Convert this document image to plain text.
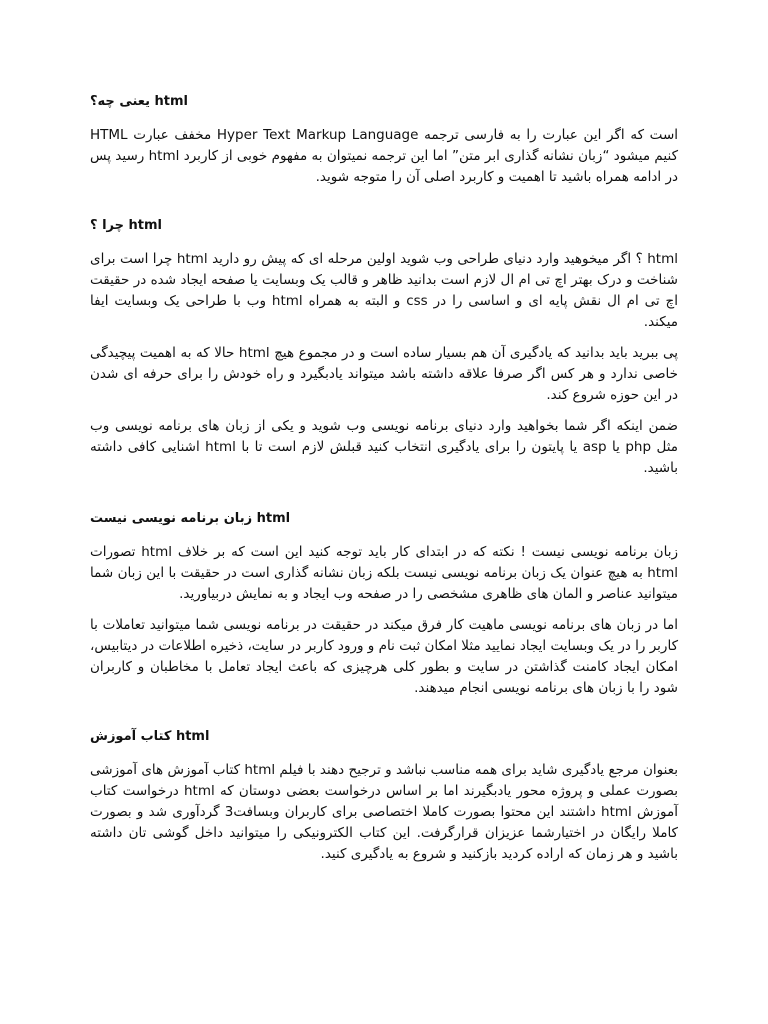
html یعنی چه؟

است که اگر این عبارت را به فارسی ترجمه Hyper Text Markup Language مخفف عبارت HTML کنیم میشود “زبان نشانه گذاری ابر متن” اما این ترجمه نمیتوان به مفهوم خوبی از کاربرد html رسید پس در ادامه همراه باشید تا اهمیت و کاربرد اصلی آن را متوجه شوید.

html چرا ؟

html ؟ اگر میخوهید وارد دنیای طراحی وب شوید اولین مرحله ای که پیش رو دارید html چرا است برای شناخت و درک بهتر اچ تی ام ال لازم است بدانید ظاهر و قالب یک وبسایت یا صفحه ایجاد شده در حقیقت اچ تی ام ال نقش پایه ای و اساسی را در css و البته به همراه html وب با طراحی یک وبسایت ایفا میکند.

پی ببرید باید بدانید که یادگیری آن هم بسیار ساده است و در مجموع هیچ html حالا که به اهمیت پیچیدگی خاصی ندارد و هر کس اگر صرفا علاقه داشته باشد میتواند یادبگیرد و راه خودش را برای حرفه ای شدن در این حوزه شروع کند.

ضمن اینکه اگر شما بخواهید وارد دنیای برنامه نویسی وب شوید و یکی از زبان های برنامه نویسی وب مثل php یا asp یا پایتون را برای یادگیری انتخاب کنید قبلش لازم است تا با html اشنایی کافی داشته باشید.

html زبان برنامه نویسی نیست

زبان برنامه نویسی نیست ! نکته که در ابتدای کار باید توجه کنید این است که بر خلاف html تصورات html به هیچ عنوان یک زبان برنامه نویسی نیست بلکه زبان نشانه گذاری است در حقیقت با این زبان شما میتوانید عناصر و المان های ظاهری مشخصی را در صفحه وب ایجاد و به نمایش دربیاورید.

اما در زبان های برنامه نویسی ماهیت کار فرق میکند در حقیقت در برنامه نویسی شما میتوانید تعاملات با کاربر را در یک وبسایت ایجاد نمایید مثلا امکان ثبت نام و ورود کاربر در سایت، ذخیره اطلاعات در دیتابیس، امکان ایجاد کامنت گذاشتن در سایت و بطور کلی هرچیزی که باعث ایجاد تعامل با مخاطبان و کاربران شود را با زبان های برنامه نویسی انجام میدهند.

html کتاب آموزش

بعنوان مرجع یادگیری شاید برای همه مناسب نباشد و ترجیح دهند با فیلم html کتاب آموزش های آموزشی بصورت عملی و پروژه محور یادبگیرند اما بر اساس درخواست بعضی دوستان که html درخواست کتاب آموزش html داشتند این محتوا بصورت کاملا اختصاصی برای کاربران وبسافت3 گردآوری شد و بصورت کاملا رایگان در اختیارشما عزیزان قرارگرفت. این کتاب الکترونیکی را میتوانید داخل گوشی تان داشته باشید و هر زمان که اراده کردید بازکنید و شروع به یادگیری کنید.
